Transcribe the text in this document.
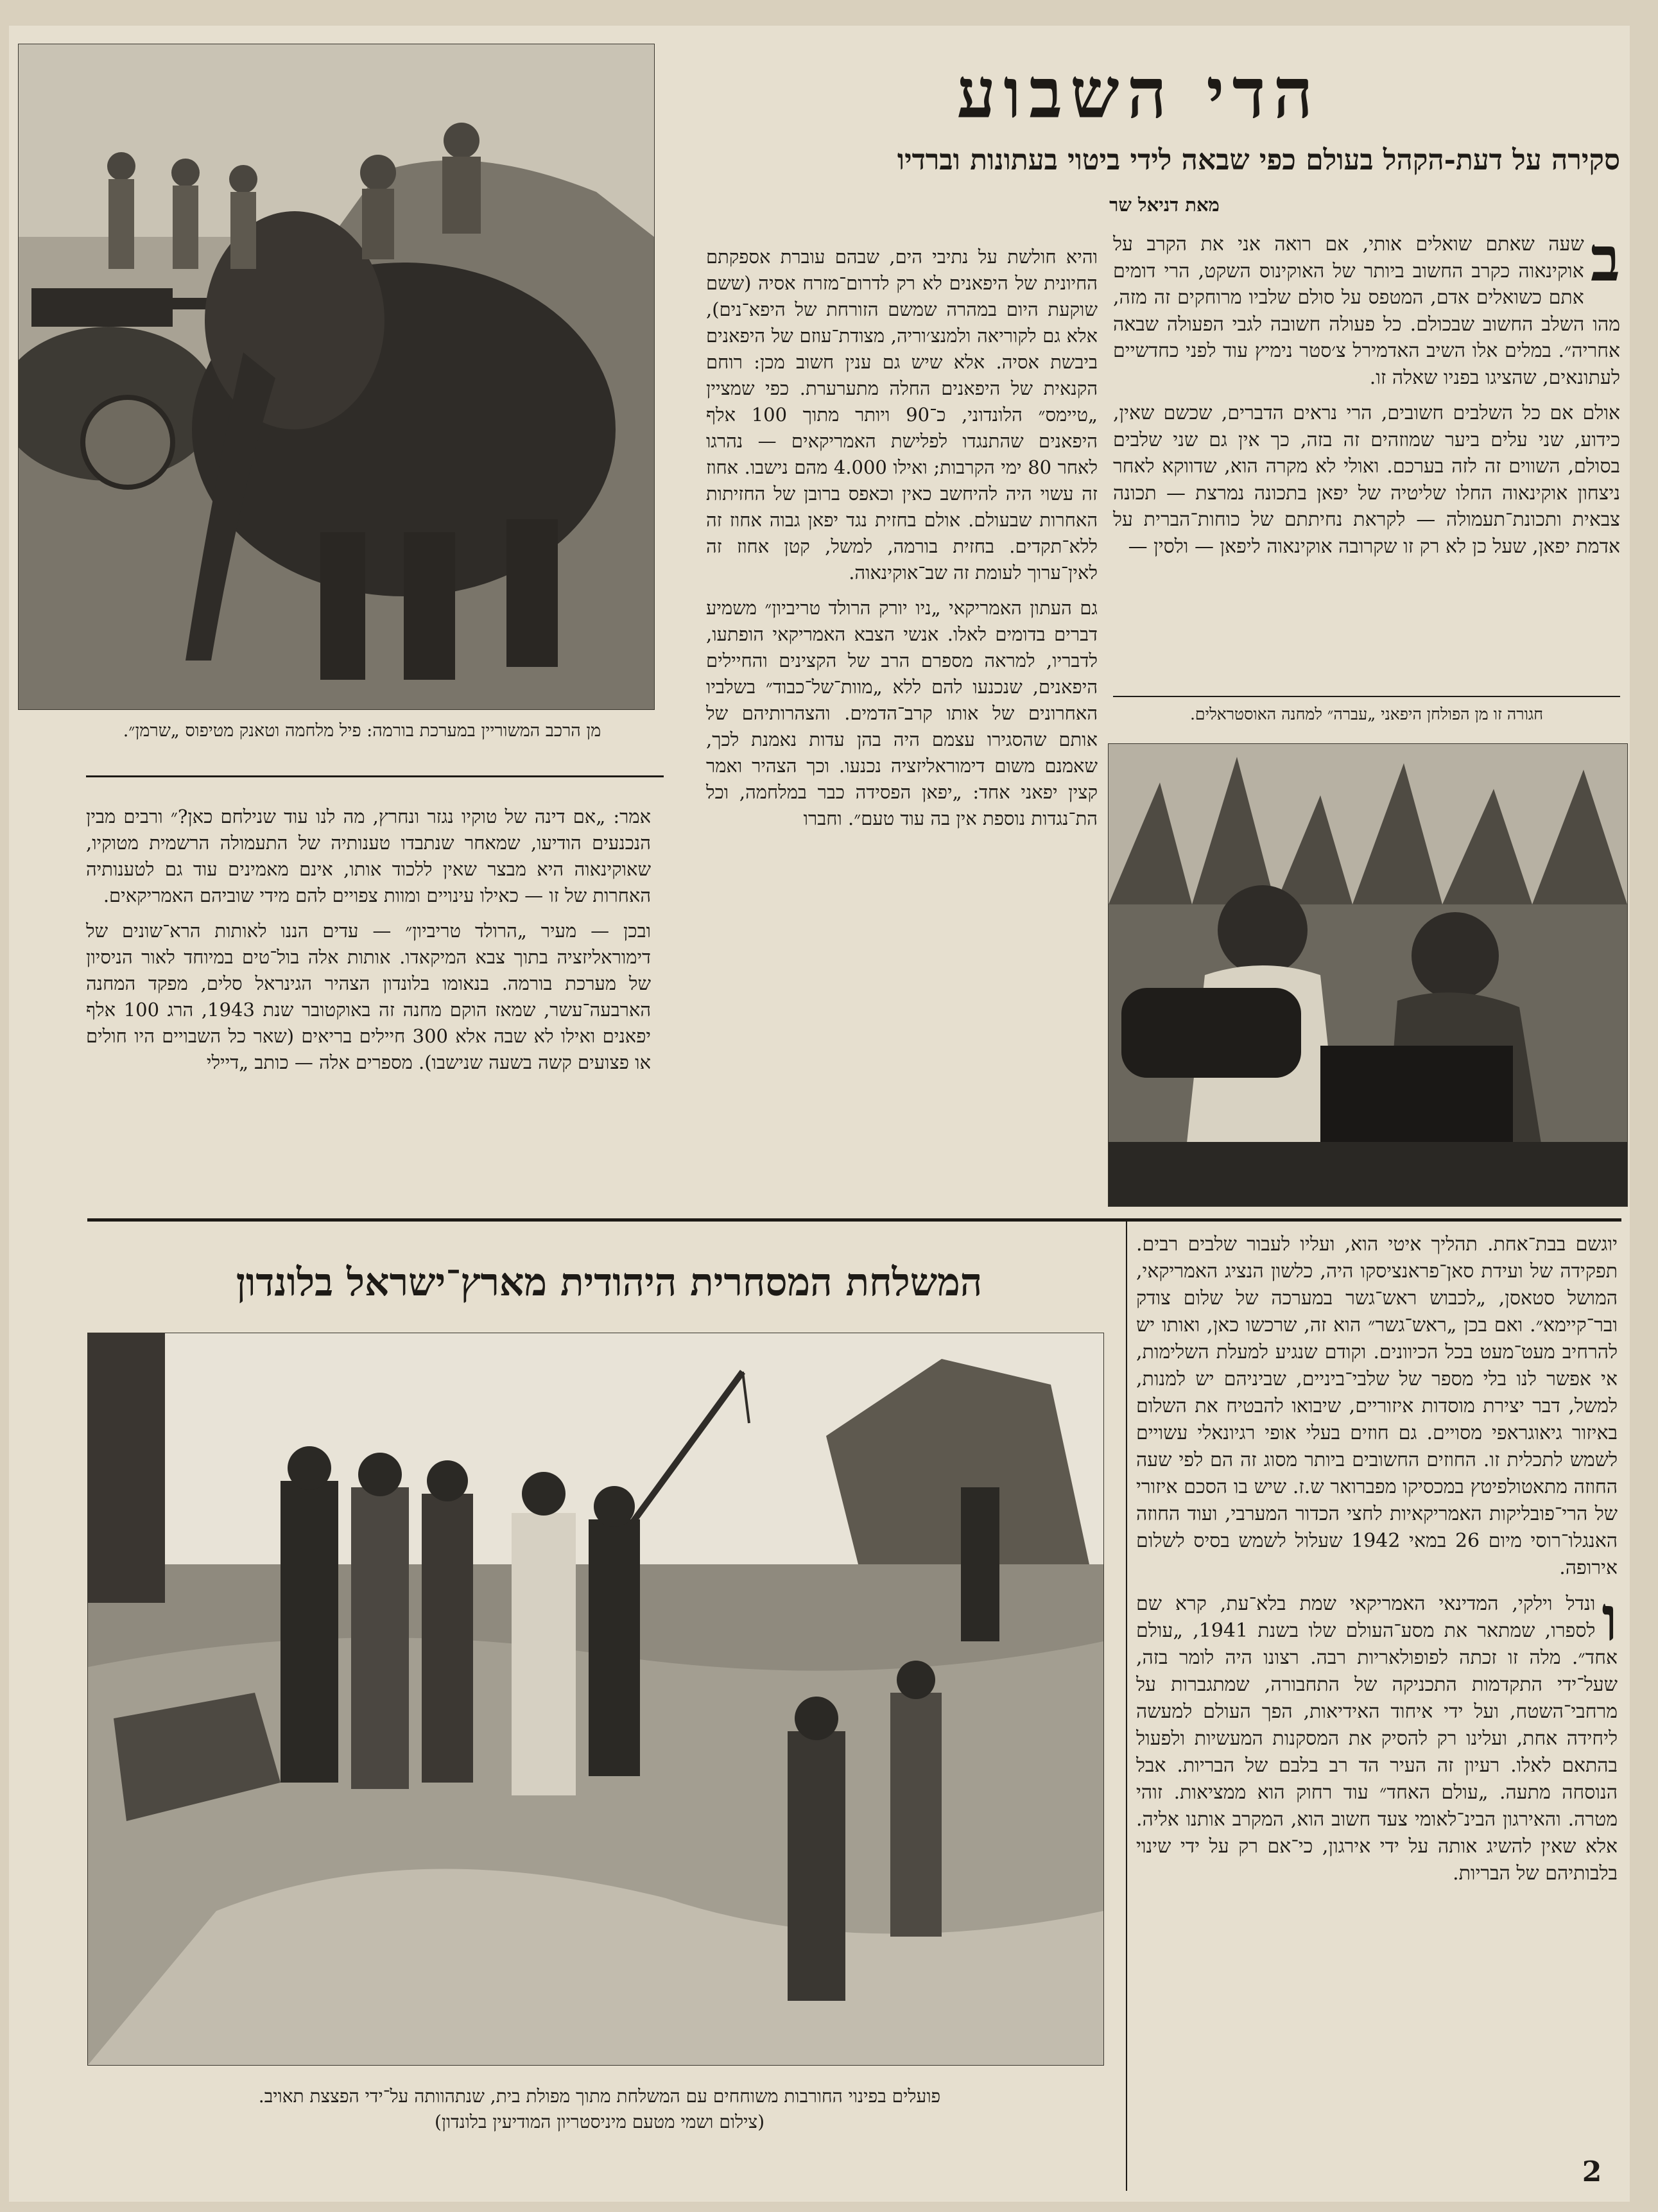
מן הרכב המשוריין במערכת בורמה: פיל מלחמה וטאנק מטיפוס „שרמן״.
הדי השבוע
סקירה על דעת-הקהל בעולם כפי שבאה לידי ביטוי בעתונות וברדיו
מאת דניאל שר

ב
שעה שאתם שואלים אותי, אם רואה אני את הקרב על אוקינאוה כקרב החשוב ביותר של האוקינוס השקט, הרי דומים אתם כשואלים אדם, המטפס על סולם שלביו מרוחקים זה מזה, מהו השלב החשוב שבכולם. כל פעולה חשובה לגבי הפעולה שבאה אחריה״. במלים אלו השיב האדמירל צ׳סטר נימיץ עוד לפני כחדשיים לעתונאים, שהציגו בפניו שאלה זו.

אולם אם כל השלבים חשובים, הרי נראים הדברים, שכשם שאין, כידוע, שני עלים ביער שמוזהים זה בזה, כך אין גם שני שלבים בסולם, השווים זה לזה בערכם. ואולי לא מקרה הוא, שדווקא לאחר ניצחון אוקינאוה החלו שליטיה של יפאן בתכונה נמרצת — תכונה צבאית ותכונת־תעמולה — לקראת נחיתתם של כוחות־הברית על אדמת יפאן, שעל כן לא רק זו שקרובה אוקינאוה ליפאן — ולסין —

חגורה זו מן הפולחן היפאני „עברה״ למחנה האוסטראלים.

והיא חולשת על נתיבי הים, שבהם עוברת אספקתם החיונית של היפאנים לא רק לדרום־מזרח אסיה (ששם שוקעת היום במהרה שמשם הזורחת של היפא־נים), אלא גם לקוריאה ולמנצ׳וריה, מצודת־עוזם של היפאנים ביבשת אסיה. אלא שיש גם ענין חשוב מכן: רוחם הקנאית של היפאנים החלה מתערערת. כפי שמציין „טיימס״ הלונדוני, כ־90 ויותר מתוך 100 אלף היפאנים שהתנגדו לפלישת האמריקאים — נהרגו לאחר 80 ימי הקרבות; ואילו 4.000 מהם נישבו. אחוז זה עשוי היה להיחשב כאין וכאפס ברובן של החזיתות האחרות שבעולם. אולם בחזית נגד יפאן גבוה אחוז זה ללא־תקדים. בחזית בורמה, למשל, קטן אחוז זה לאין־ערוך לעומת זה שב־אוקינאוה.

גם העתון האמריקאי „ניו יורק הרולד טריביון״ משמיע דברים בדומים לאלו. אנשי הצבא האמריקאי הופתעו, לדבריו, למראה מספרם הרב של הקצינים והחיילים היפאנים, שנכנעו להם ללא „מוות־של־כבוד״ בשלביו האחרונים של אותו קרב־הדמים. והצהרותיהם של אותם שהסגירו עצמם היה בהן עדות נאמנת לכך, שאמנם משום דימוראליזציה נכנעו. וכך הצהיר ואמר קצין יפאני אחד: „יפאן הפסידה כבר במלחמה, וכל הת־נגדות נוספת אין בה עוד טעם״. וחברו

אמר: „אם דינה של טוקיו נגזר ונחרץ, מה לנו עוד שנילחם כאן?״ ורבים מבין הנכנעים הודיעו, שמאחר שנתבדו טענותיה של התעמולה הרשמית מטוקיו, שאוקינאוה היא מבצר שאין ללכוד אותו, אינם מאמינים עוד גם לטענותיה האחרות של זו — כאילו עינויים ומוות צפויים להם מידי שוביהם האמריקאים.

ובכן — מעיר „הרולד טריביון״ — עדים הננו לאותות הרא־שונים של דימוראליזציה בתוך צבא המיקאדו. אותות אלה בול־טים במיוחד לאור הניסיון של מערכת בורמה. בנאומו בלונדון הצהיר הגינראל סלים, מפקד המחנה הארבעה־עשר, שמאז הוקם מחנה זה באוקטובר שנת 1943, הרג 100 אלף יפאנים ואילו לא שבה אלא 300 חיילים בריאים (שאר כל השבויים היו חולים או פצועים קשה בשעה שנישבו). מספרים אלה — כותב „דיילי

המשלחת המסחרית היהודית מארץ־ישראל בלונדון
פועלים בפינוי החורבות משוחחים עם המשלחת מתוך מפולת בית, שנתהוותה על־ידי הפצצת תאויב.
(צילום ושמי מטעם מיניסטריון המודיעין בלונדון)

יוגשם בבת־אחת. תהליך איטי הוא, ועליו לעבור שלבים רבים. תפקידה של ועידת סאן־פראנציסקו היה, כלשון הנציג האמריקאי, המושל סטאסן, „לכבוש ראש־גשר במערכה של שלום צודק ובר־קיימא״. ואם בכן „ראש־גשר״ הוא זה, שרכשו כאן, ואותו יש להרחיב מעט־מעט בכל הכיוונים. וקודם שנגיע למעלת השלימות, אי אפשר לנו בלי מספר של שלבי־ביניים, שביניהם יש למנות, למשל, דבר יצירת מוסדות איזוריים, שיבואו להבטיח את השלום באיזור גיאוגראפי מסויים. גם חוזים בעלי אופי רגיונאלי עשויים לשמש לתכלית זו. החוזים החשובים ביותר מסוג זה הם לפי שעה החוזה מתאטולפיטץ במכסיקו מפברואר ש.ז. שיש בו הסכם איזורי של הרי־פובליקות האמריקאיות לחצי הכדור המערבי, ועוד החוזה האנגלו־רוסי מיום 26 במאי 1942 שעלול לשמש בסיס לשלום אירופה.

ו
ונדל וילקי, המדינאי האמריקאי שמת בלא־עת, קרא שם לספרו, שמתאר את מסע־העולם שלו בשנת 1941, „עולם אחד״. מלה זו זכתה לפופולאריות רבה. רצונו היה לומר בזה, שעל־ידי התקדמות התכניקה של התחבורה, שמתגברות על מרחבי־השטח, ועל ידי איחוד האידיאות, הפך העולם למעשה ליחידה אחת, ועלינו רק להסיק את המסקנות המעשיות ולפעול בהתאם לאלו. רעיון זה העיר הד רב בלבם של הבריות. אבל הנוסחה מתעה. „עולם האחד״ עוד רחוק הוא ממציאות. זוהי מטרה. והאירגון הבינ־לאומי צעד חשוב הוא, המקרב אותנו אליה. אלא שאין להשיג אותה על ידי אירגון, כי־אם רק על ידי שינוי בלבותיהם של הבריות.

2
